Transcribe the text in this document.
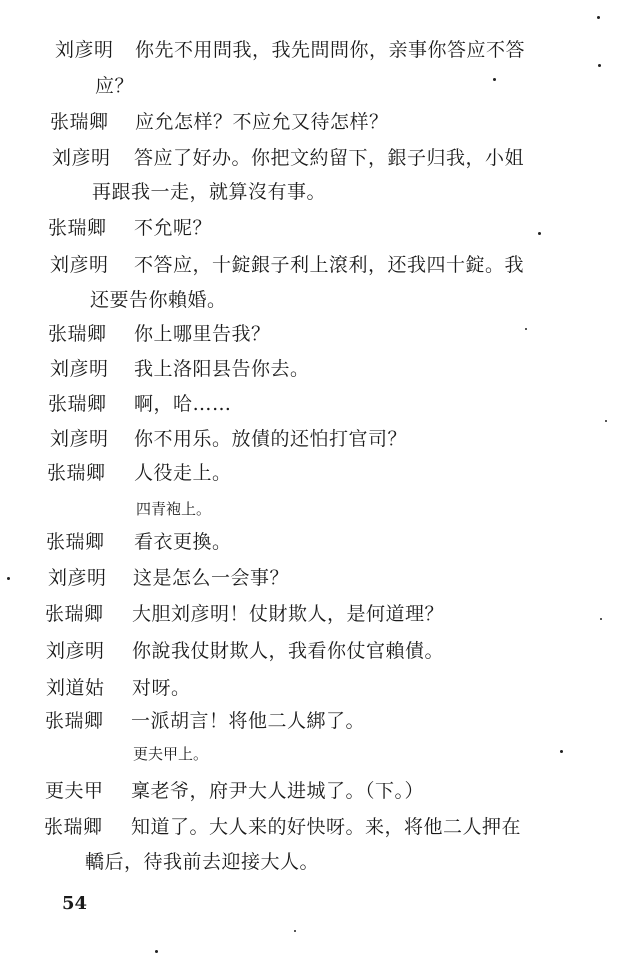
刘彦明 你先不用問我，我先問問你，亲事你答应不答
应？
张瑞卿 应允怎样？不应允又待怎样？
刘彦明 答应了好办。你把文約留下，銀子归我，小姐
再跟我一走，就算沒有事。
张瑞卿 不允呢？
刘彦明 不答应，十錠銀子利上滾利，还我四十錠。我
还要告你賴婚。
张瑞卿 你上哪里告我？
刘彦明 我上洛阳县告你去。
张瑞卿 啊，哈……
刘彦明 你不用乐。放債的还怕打官司？
张瑞卿 人役走上。
四青袍上。
张瑞卿 看衣更換。
刘彦明 这是怎么一会事？
张瑞卿 大胆刘彦明！仗財欺人，是何道理？
刘彦明 你說我仗財欺人，我看你仗官賴債。
刘道姑 对呀。
张瑞卿 一派胡言！将他二人綁了。
更夫甲上。
更夫甲 稟老爷，府尹大人进城了。（下。）
张瑞卿 知道了。大人来的好快呀。来，将他二人押在
轎后，待我前去迎接大人。
54
